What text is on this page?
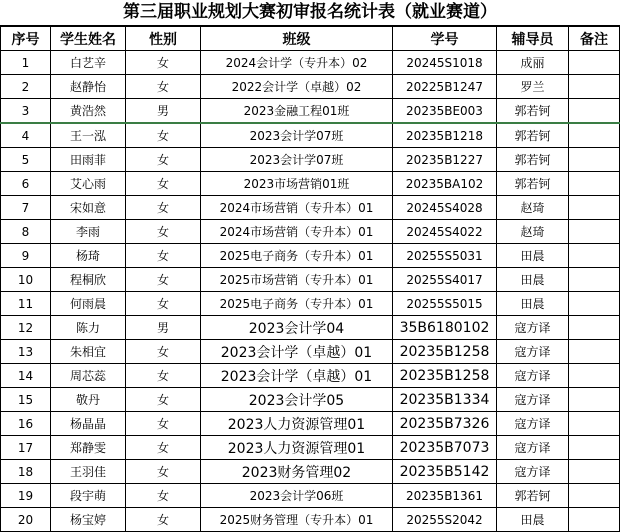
第三届职业规划大赛初审报名统计表（就业赛道）
序号	学生姓名	性别	班级	学号	辅导员	备注
1	白艺辛	女	2024会计学（专升本）02	20245S1018	成丽	
2	赵静怡	女	2022会计学（卓越）02	20225B1247	罗兰	
3	黄浩然	男	2023金融工程01班	20235BE003	郭若钶	
4	王一泓	女	2023会计学07班	20235B1218	郭若钶	
5	田雨菲	女	2023会计学07班	20235B1227	郭若钶	
6	艾心雨	女	2023市场营销01班	20235BA102	郭若钶	
7	宋如意	女	2024市场营销（专升本）01	20245S4028	赵琦	
8	李雨	女	2024市场营销（专升本）01	20245S4022	赵琦	
9	杨琦	女	2025电子商务（专升本）01	20255S5031	田晨	
10	程桐欣	女	2025市场营销（专升本）01	20255S4017	田晨	
11	何雨晨	女	2025电子商务（专升本）01	20255S5015	田晨	
12	陈力	男	2023会计学04	35B6180102	寇方译	
13	朱相宜	女	2023会计学（卓越）01	20235B1258	寇方译	
14	周芯蕊	女	2023会计学（卓越）01	20235B1258	寇方译	
15	敬丹	女	2023会计学05	20235B1334	寇方译	
16	杨晶晶	女	2023人力资源管理01	20235B7326	寇方译	
17	郑静雯	女	2023人力资源管理01	20235B7073	寇方译	
18	王羽佳	女	2023财务管理02	20235B5142	寇方译	
19	段宇萌	女	2023会计学06班	20235B1361	郭若钶	
20	杨宝婷	女	2025财务管理（专升本）01	20255S2042	田晨	
